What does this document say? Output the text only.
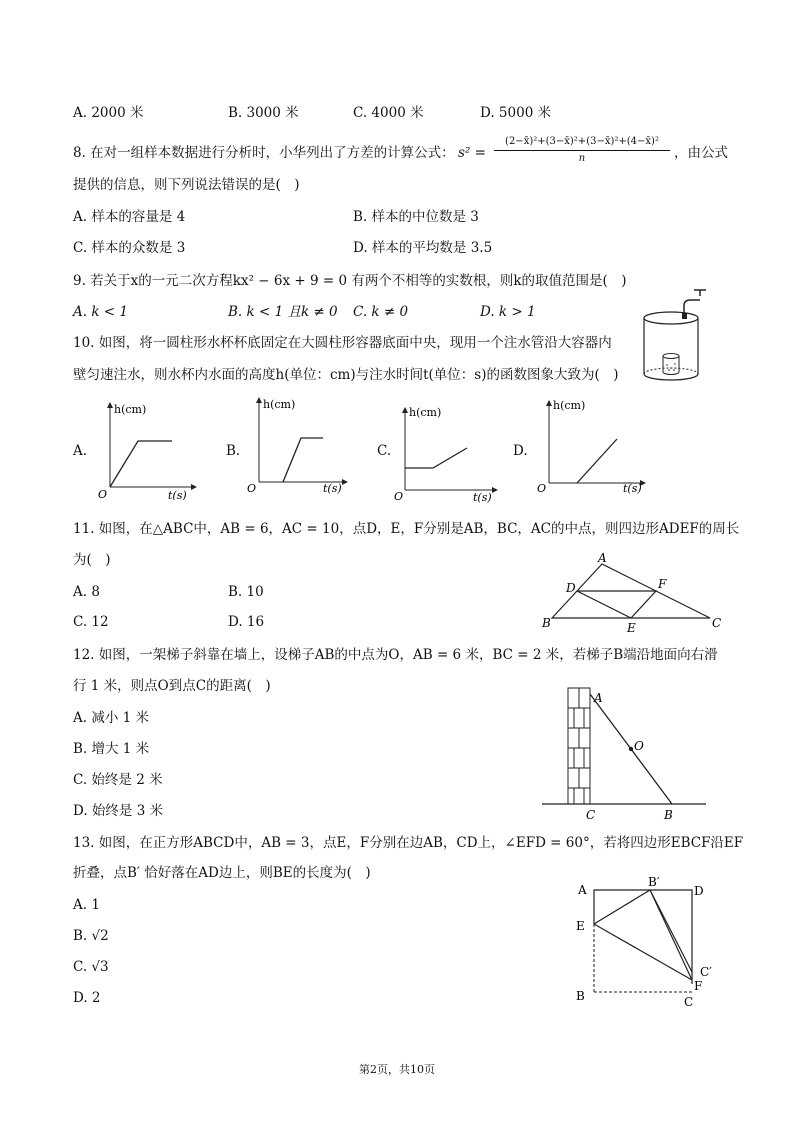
A. 2000 米	B. 3000 米	C. 4000 米	D. 5000 米
8. 在对一组样本数据进行分析时，小华列出了方差的计算公式： s² =
(2−x̄)²+(3−x̄)²+(3−x̄)²+(4−x̄)²
n	，由公式
提供的信息，则下列说法错误的是(　)
A. 样本的容量是 4	B. 样本的中位数是 3
C. 样本的众数是 3	D. 样本的平均数是 3.5
9. 若关于x的一元二次方程kx² − 6x + 9 = 0 有两个不相等的实数根，则k的取值范围是(　)
A. k < 1	B. k < 1 且k ≠ 0 C. k ≠ 0	D. k > 1
10. 如图，将一圆柱形水杯杯底固定在大圆柱形容器底面中央，现用一个注水管沿大容器内
壁匀速注水，则水杯内水面的高度h(单位：cm)与注水时间t(单位：s)的函数图象大致为(　)
A.
h(cm)
t(s)
O
B.
h(cm)
t(s)
O
C.
h(cm)
t(s)
O
D.
h(cm)
t(s)
O
11. 如图，在△ABC中，AB = 6，AC = 10，点D，E，F分别是AB，BC，AC的中点，则四边形ADEF的周长
为(　)
A. 8	B. 10
C. 12	D. 16
A
B	C
D
E
F
12. 如图，一架梯子斜靠在墙上，设梯子AB的中点为O，AB = 6 米，BC = 2 米，若梯子B端沿地面向右滑
行 1 米，则点O到点C的距离(　)
A. 减小 1 米
B. 增大 1 米
C. 始终是 2 米
D. 始终是 3 米
A
O
C	B
13. 如图，在正方形ABCD中，AB = 3，点E，F分别在边AB，CD上，∠EFD = 60°，若将四边形EBCF沿EF
折叠，点B′ 恰好落在AD边上，则BE的长度为(　)
A. 1
B. √2
C. √3
D. 2
A
B′
D
E
C′
F
B	C
第2页，共10页
